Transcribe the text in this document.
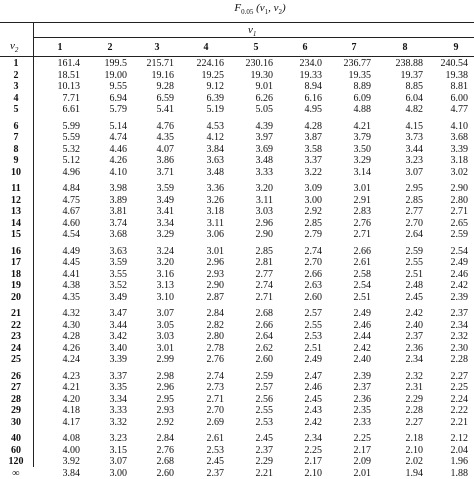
$F_{0.05}$ ($v_1$, $v_2$)
$v_1$
$v_2$	1	2	3	4	5	6	7	8	9
1	161.4	199.5	215.71	224.16	230.16	234.0	236.77	238.88	240.54
2	18.51	19.00	19.16	19.25	19.30	19.33	19.35	19.37	19.38
3	10.13	9.55	9.28	9.12	9.01	8.94	8.89	8.85	8.81
4	7.71	6.94	6.59	6.39	6.26	6.16	6.09	6.04	6.00
5	6.61	5.79	5.41	5.19	5.05	4.95	4.88	4.82	4.77
6	5.99	5.14	4.76	4.53	4.39	4.28	4.21	4.15	4.10
7	5.59	4.74	4.35	4.12	3.97	3.87	3.79	3.73	3.68
8	5.32	4.46	4.07	3.84	3.69	3.58	3.50	3.44	3.39
9	5.12	4.26	3.86	3.63	3.48	3.37	3.29	3.23	3.18
10	4.96	4.10	3.71	3.48	3.33	3.22	3.14	3.07	3.02
11	4.84	3.98	3.59	3.36	3.20	3.09	3.01	2.95	2.90
12	4.75	3.89	3.49	3.26	3.11	3.00	2.91	2.85	2.80
13	4.67	3.81	3.41	3.18	3.03	2.92	2.83	2.77	2.71
14	4.60	3.74	3.34	3.11	2.96	2.85	2.76	2.70	2.65
15	4.54	3.68	3.29	3.06	2.90	2.79	2.71	2.64	2.59
16	4.49	3.63	3.24	3.01	2.85	2.74	2.66	2.59	2.54
17	4.45	3.59	3.20	2.96	2.81	2.70	2.61	2.55	2.49
18	4.41	3.55	3.16	2.93	2.77	2.66	2.58	2.51	2.46
19	4.38	3.52	3.13	2.90	2.74	2.63	2.54	2.48	2.42
20	4.35	3.49	3.10	2.87	2.71	2.60	2.51	2.45	2.39
21	4.32	3.47	3.07	2.84	2.68	2.57	2.49	2.42	2.37
22	4.30	3.44	3.05	2.82	2.66	2.55	2.46	2.40	2.34
23	4.28	3.42	3.03	2.80	2.64	2.53	2.44	2.37	2.32
24	4.26	3.40	3.01	2.78	2.62	2.51	2.42	2.36	2.30
25	4.24	3.39	2.99	2.76	2.60	2.49	2.40	2.34	2.28
26	4.23	3.37	2.98	2.74	2.59	2.47	2.39	2.32	2.27
27	4.21	3.35	2.96	2.73	2.57	2.46	2.37	2.31	2.25
28	4.20	3.34	2.95	2.71	2.56	2.45	2.36	2.29	2.24
29	4.18	3.33	2.93	2.70	2.55	2.43	2.35	2.28	2.22
30	4.17	3.32	2.92	2.69	2.53	2.42	2.33	2.27	2.21
40	4.08	3.23	2.84	2.61	2.45	2.34	2.25	2.18	2.12
60	4.00	3.15	2.76	2.53	2.37	2.25	2.17	2.10	2.04
120	3.92	3.07	2.68	2.45	2.29	2.17	2.09	2.02	1.96
∞	3.84	3.00	2.60	2.37	2.21	2.10	2.01	1.94	1.88
